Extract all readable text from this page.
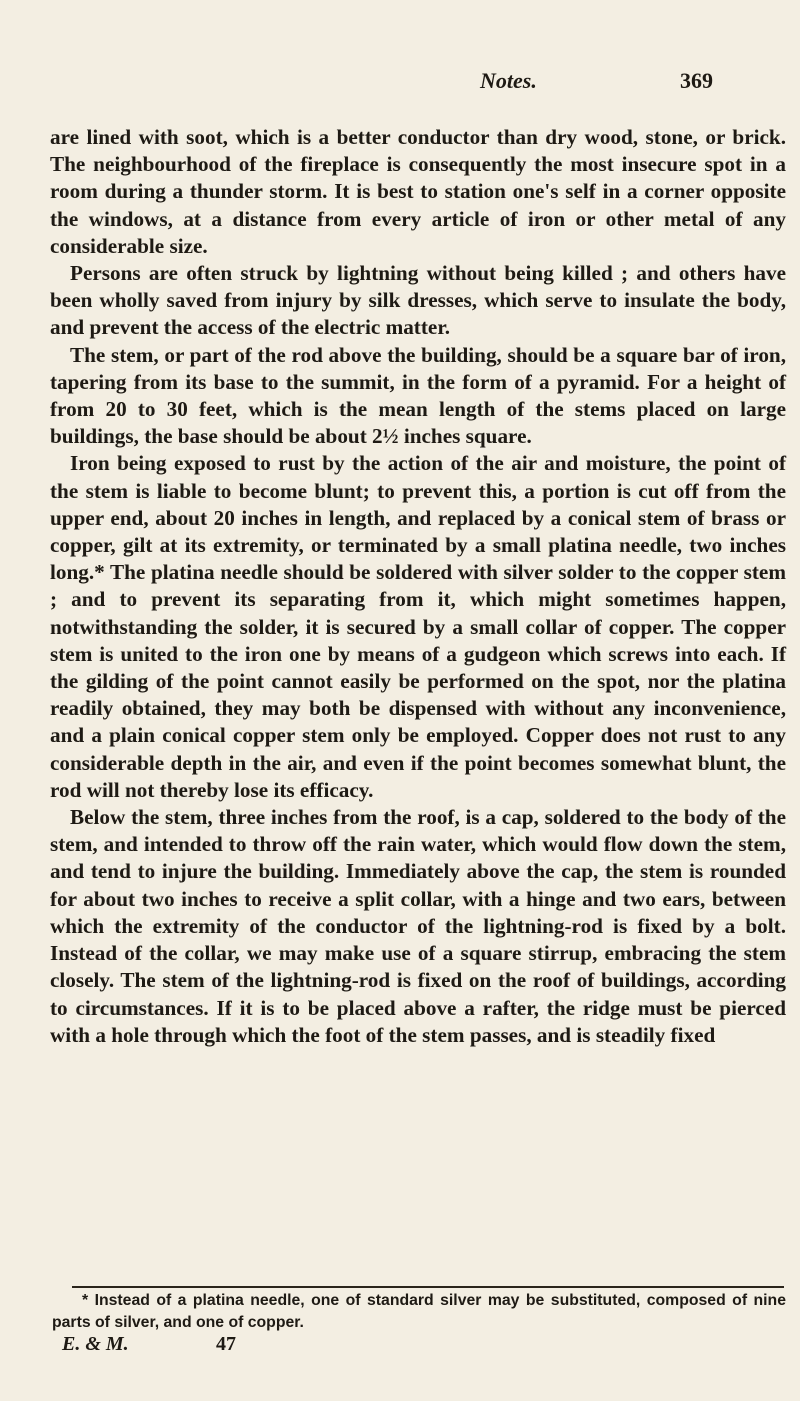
Notes.	369

are lined with soot, which is a better conductor than dry wood, stone, or brick. The neighbourhood of the fireplace is consequently the most insecure spot in a room during a thunder storm. It is best to station one's self in a corner opposite the windows, at a distance from every article of iron or other metal of any considerable size.

Persons are often struck by lightning without being killed ; and others have been wholly saved from injury by silk dresses, which serve to insulate the body, and prevent the access of the electric matter.

The stem, or part of the rod above the building, should be a square bar of iron, tapering from its base to the summit, in the form of a pyramid. For a height of from 20 to 30 feet, which is the mean length of the stems placed on large buildings, the base should be about 2½ inches square.

Iron being exposed to rust by the action of the air and moisture, the point of the stem is liable to become blunt; to prevent this, a portion is cut off from the upper end, about 20 inches in length, and replaced by a conical stem of brass or copper, gilt at its extremity, or terminated by a small platina needle, two inches long.* The platina needle should be soldered with silver solder to the copper stem ; and to prevent its separating from it, which might sometimes happen, notwithstanding the solder, it is secured by a small collar of copper. The copper stem is united to the iron one by means of a gudgeon which screws into each. If the gilding of the point cannot easily be performed on the spot, nor the platina readily obtained, they may both be dispensed with without any inconvenience, and a plain conical copper stem only be employed. Copper does not rust to any considerable depth in the air, and even if the point becomes somewhat blunt, the rod will not thereby lose its efficacy.

Below the stem, three inches from the roof, is a cap, soldered to the body of the stem, and intended to throw off the rain water, which would flow down the stem, and tend to injure the building. Immediately above the cap, the stem is rounded for about two inches to receive a split collar, with a hinge and two ears, between which the extremity of the conductor of the lightning-rod is fixed by a bolt. Instead of the collar, we may make use of a square stirrup, embracing the stem closely. The stem of the lightning-rod is fixed on the roof of buildings, according to circumstances. If it is to be placed above a rafter, the ridge must be pierced with a hole through which the foot of the stem passes, and is steadily fixed

* Instead of a platina needle, one of standard silver may be substituted, composed of nine parts of silver, and one of copper.
E. & M.	47
